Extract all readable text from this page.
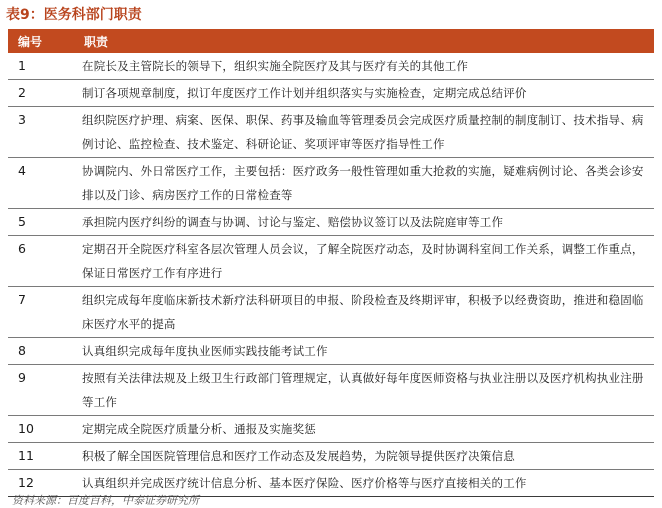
表9：医务科部门职责
编号	职责
1	在院长及主管院长的领导下，组织实施全院医疗及其与医疗有关的其他工作
2	制订各项规章制度，拟订年度医疗工作计划并组织落实与实施检查，定期完成总结评价
3	组织院医疗护理、病案、医保、职保、药事及输血等管理委员会完成医疗质量控制的制度制订、技术指导、病例讨论、监控检查、技术鉴定、科研论证、奖项评审等医疗指导性工作
4	协调院内、外日常医疗工作，主要包括：医疗政务一般性管理如重大抢救的实施，疑难病例讨论、各类会诊安排以及门诊、病房医疗工作的日常检查等
5	承担院内医疗纠纷的调查与协调、讨论与鉴定、赔偿协议签订以及法院庭审等工作
6	定期召开全院医疗科室各层次管理人员会议，了解全院医疗动态，及时协调科室间工作关系，调整工作重点，保证日常医疗工作有序进行
7	组织完成每年度临床新技术新疗法科研项目的申报、阶段检查及终期评审，积极予以经费资助，推进和稳固临床医疗水平的提高
8	认真组织完成每年度执业医师实践技能考试工作
9	按照有关法律法规及上级卫生行政部门管理规定，认真做好每年度医师资格与执业注册以及医疗机构执业注册等工作
10	定期完成全院医疗质量分析、通报及实施奖惩
11	积极了解全国医院管理信息和医疗工作动态及发展趋势，为院领导提供医疗决策信息
12	认真组织并完成医疗统计信息分析、基本医疗保险、医疗价格等与医疗直接相关的工作
资料来源：百度百科，中泰证券研究所
